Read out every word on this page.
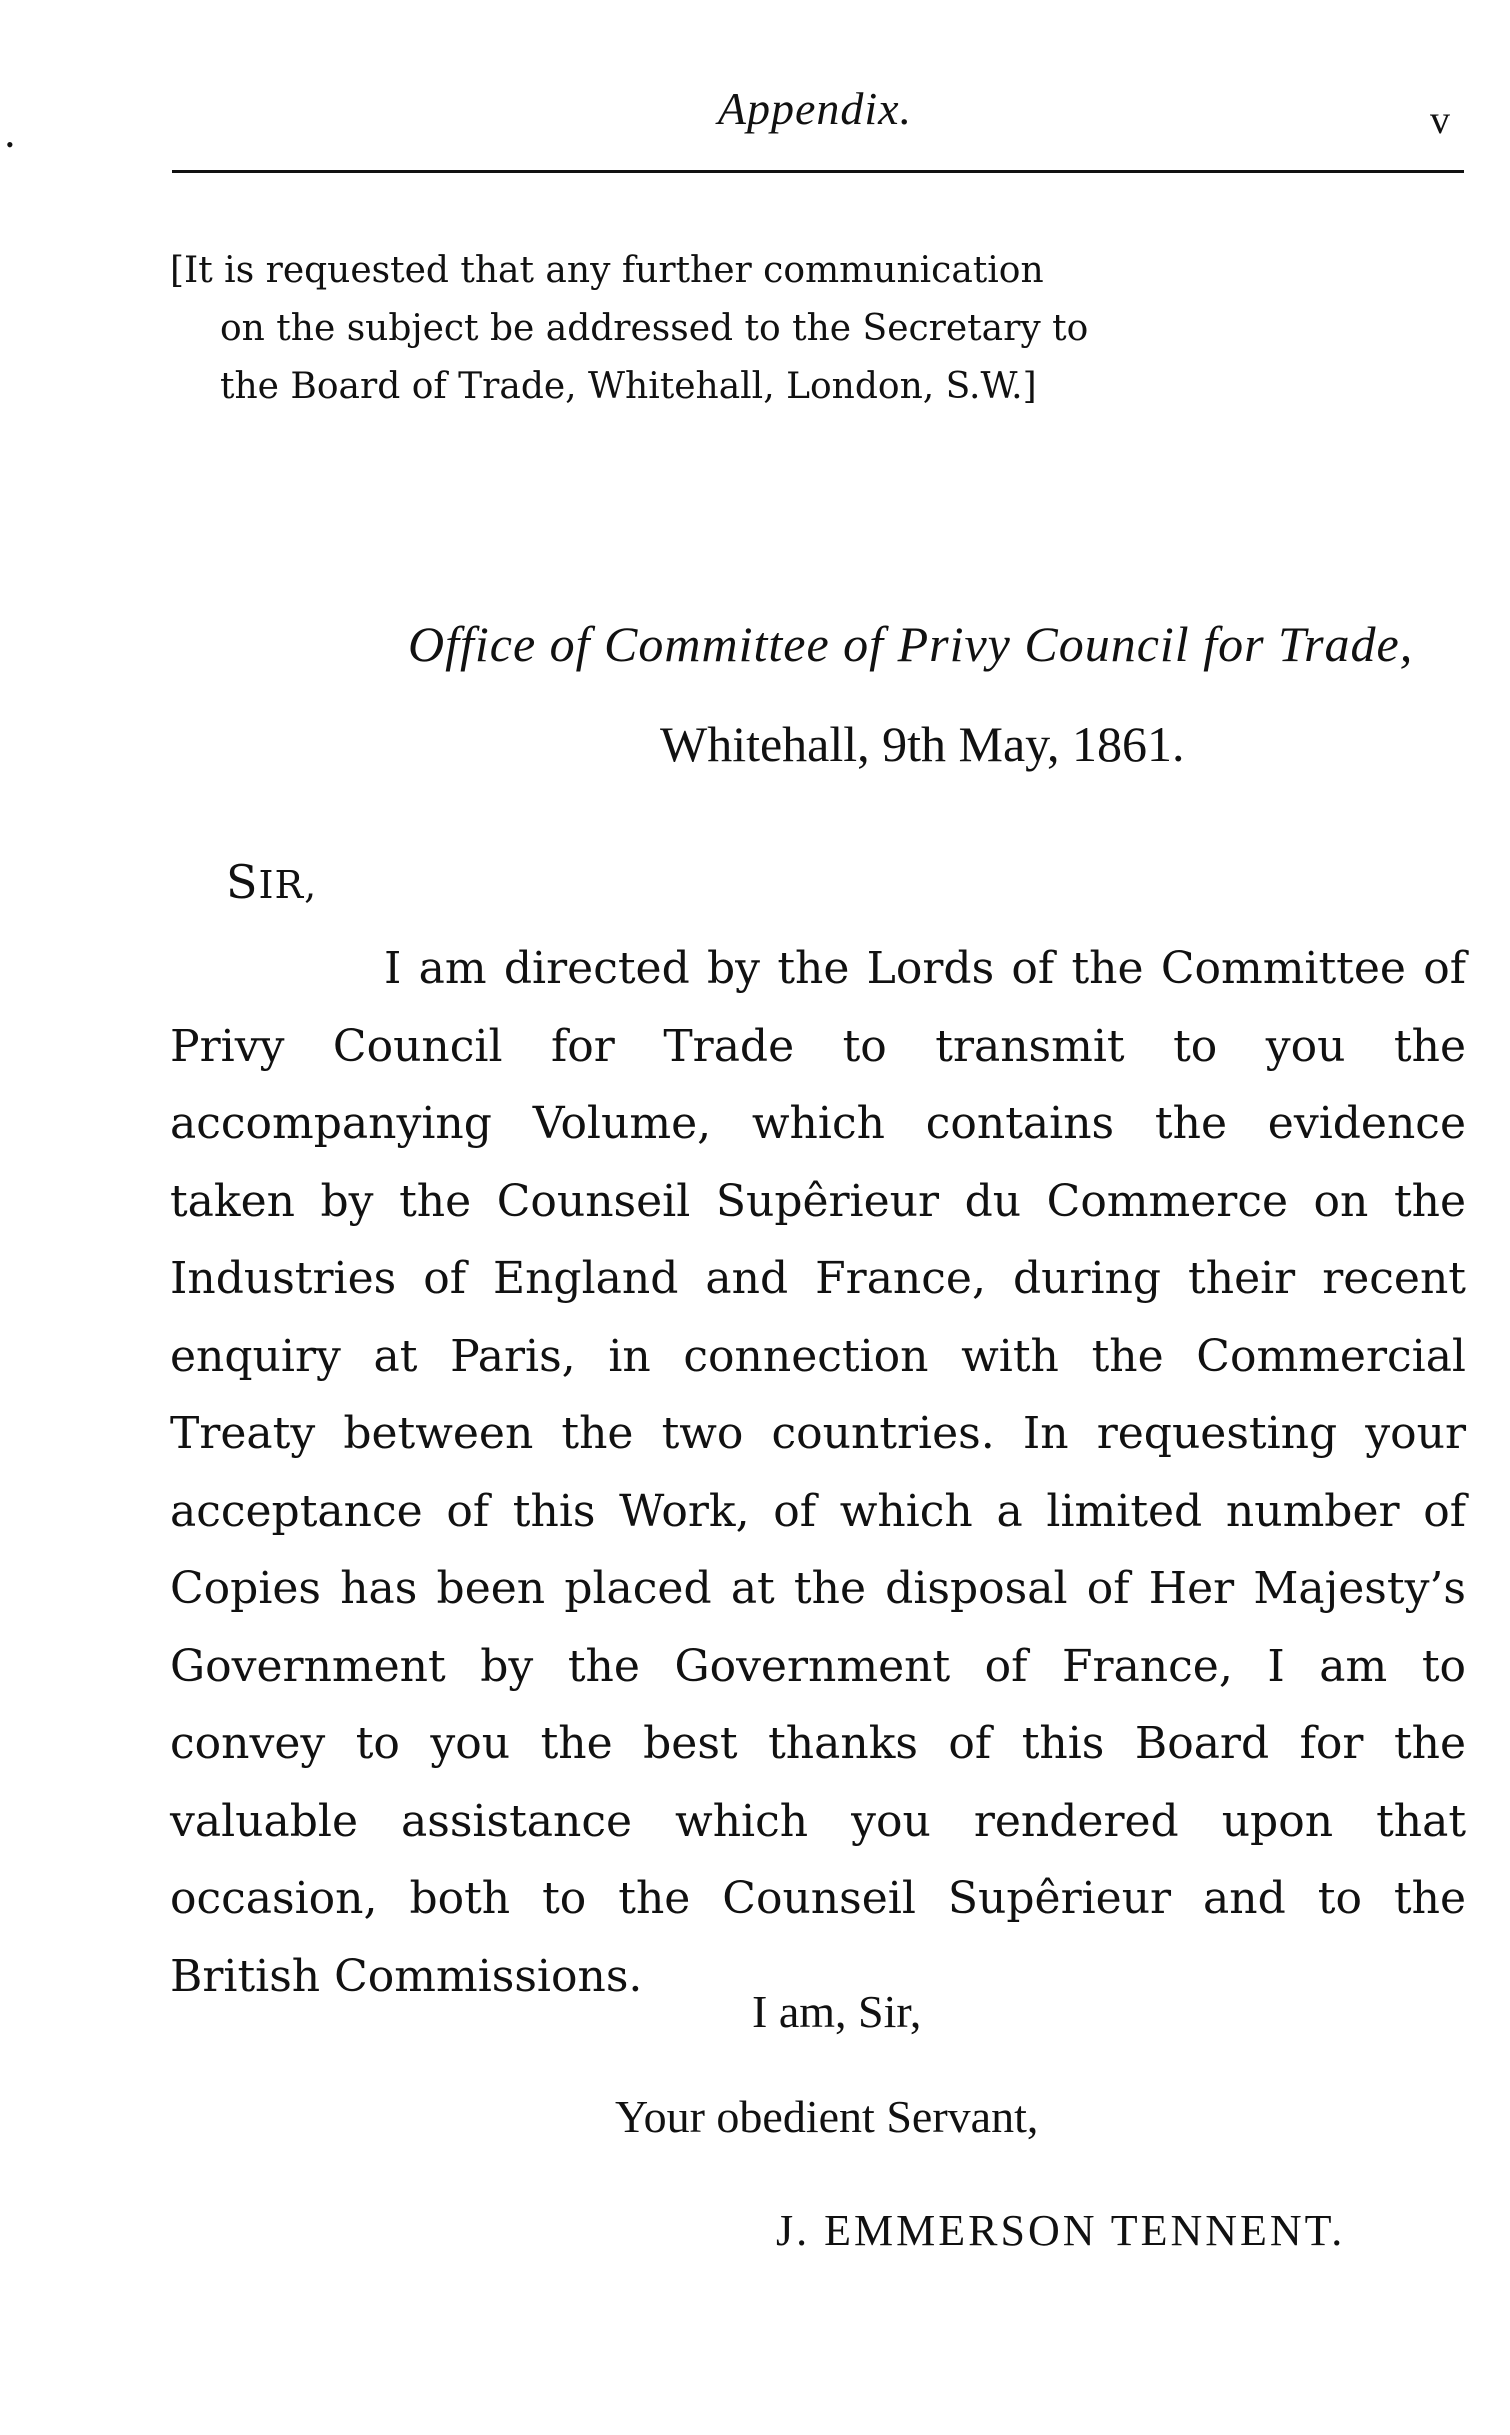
•
Appendix.	v
[It is requested that any further communication
on the subject be addressed to the Secretary to
the Board of Trade, Whitehall, London, S.W.]
Office of Committee of Privy Council for Trade,
Whitehall, 9th May, 1861.
SIR,

I am directed by the Lords of the Committee of Privy Council for Trade to transmit to you the accompanying Volume, which contains the evidence taken by the Counseil Supêrieur du Commerce on the Industries of England and France, during their recent enquiry at Paris, in connection with the Commercial Treaty between the two countries. In requesting your acceptance of this Work, of which a limited number of Copies has been placed at the disposal of Her Majesty’s Government by the Government of France, I am to convey to you the best thanks of this Board for the valuable assistance which you rendered upon that occasion, both to the Counseil Supêrieur and to the British Commissions.

I am, Sir,
Your obedient Servant,
J. EMMERSON TENNENT.
